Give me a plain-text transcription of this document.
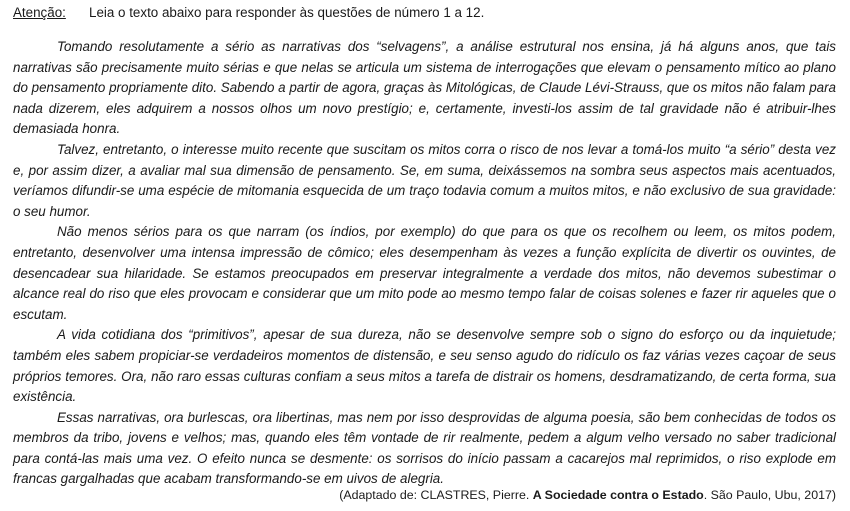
Atenção: Leia o texto abaixo para responder às questões de número 1 a 12.

Tomando resolutamente a sério as narrativas dos “selvagens”, a análise estrutural nos ensina, já há alguns anos, que tais narrativas são precisamente muito sérias e que nelas se articula um sistema de interrogações que elevam o pensamento mítico ao plano do pensamento propriamente dito. Sabendo a partir de agora, graças às Mitológicas, de Claude Lévi-Strauss, que os mitos não falam para nada dizerem, eles adquirem a nossos olhos um novo prestígio; e, certamente, investi-los assim de tal gravidade não é atribuir-lhes demasiada honra.

Talvez, entretanto, o interesse muito recente que suscitam os mitos corra o risco de nos levar a tomá-los muito “a sério” desta vez e, por assim dizer, a avaliar mal sua dimensão de pensamento. Se, em suma, deixássemos na sombra seus aspectos mais acentuados, veríamos difundir-se uma espécie de mitomania esquecida de um traço todavia comum a muitos mitos, e não exclusivo de sua gravidade: o seu humor.

Não menos sérios para os que narram (os índios, por exemplo) do que para os que os recolhem ou leem, os mitos podem, entretanto, desenvolver uma intensa impressão de cômico; eles desempenham às vezes a função explícita de divertir os ouvintes, de desencadear sua hilaridade. Se estamos preocupados em preservar integralmente a verdade dos mitos, não devemos subestimar o alcance real do riso que eles provocam e considerar que um mito pode ao mesmo tempo falar de coisas solenes e fazer rir aqueles que o escutam.

A vida cotidiana dos “primitivos”, apesar de sua dureza, não se desenvolve sempre sob o signo do esforço ou da inquietude; também eles sabem propiciar-se verdadeiros momentos de distensão, e seu senso agudo do ridículo os faz várias vezes caçoar de seus próprios temores. Ora, não raro essas culturas confiam a seus mitos a tarefa de distrair os homens, desdramatizando, de certa forma, sua existência.

Essas narrativas, ora burlescas, ora libertinas, mas nem por isso desprovidas de alguma poesia, são bem conhecidas de todos os membros da tribo, jovens e velhos; mas, quando eles têm vontade de rir realmente, pedem a algum velho versado no saber tradicional para contá-las mais uma vez. O efeito nunca se desmente: os sorrisos do início passam a cacarejos mal reprimidos, o riso explode em francas gargalhadas que acabam transformando-se em uivos de alegria.

(Adaptado de: CLASTRES, Pierre. A Sociedade contra o Estado. São Paulo, Ubu, 2017)
